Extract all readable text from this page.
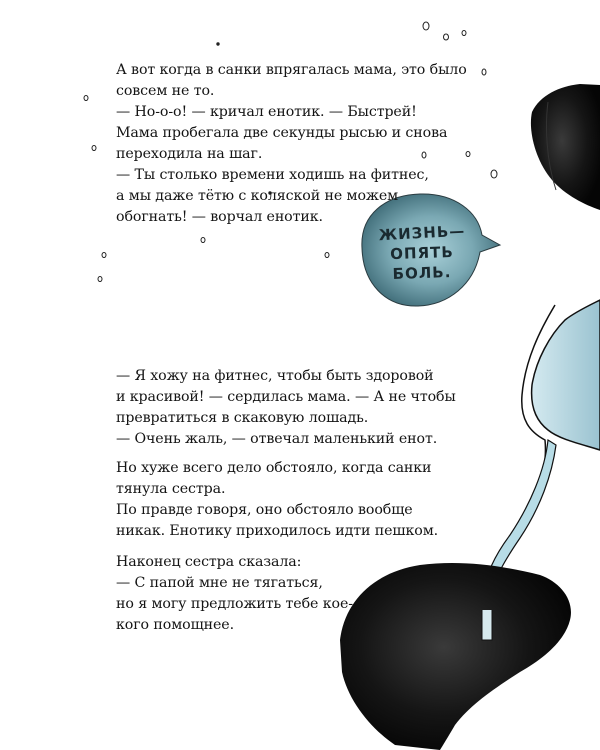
ЖИЗНЬ—
ОПЯТЬ
БОЛЬ.

А вот когда в санки впрягалась мама, это было

совсем не то.

— Но-о-о! — кричал енотик. — Быстрей!

Мама пробегала две секунды рысью и снова

переходила на шаг.

— Ты столько времени ходишь на фитнес,

а мы даже тётю с коляской не можем

обогнать! — ворчал енотик.

— Я хожу на фитнес, чтобы быть здоровой

и красивой! — сердилась мама. — А не чтобы

превратиться в скаковую лошадь.

— Очень жаль, — отвечал маленький енот.

Но хуже всего дело обстояло, когда санки

тянула сестра.

По правде говоря, оно обстояло вообще

никак. Енотику приходилось идти пешком.

Наконец сестра сказала:

— С папой мне не тягаться,

но я могу предложить тебе кое-

кого помощнее.
